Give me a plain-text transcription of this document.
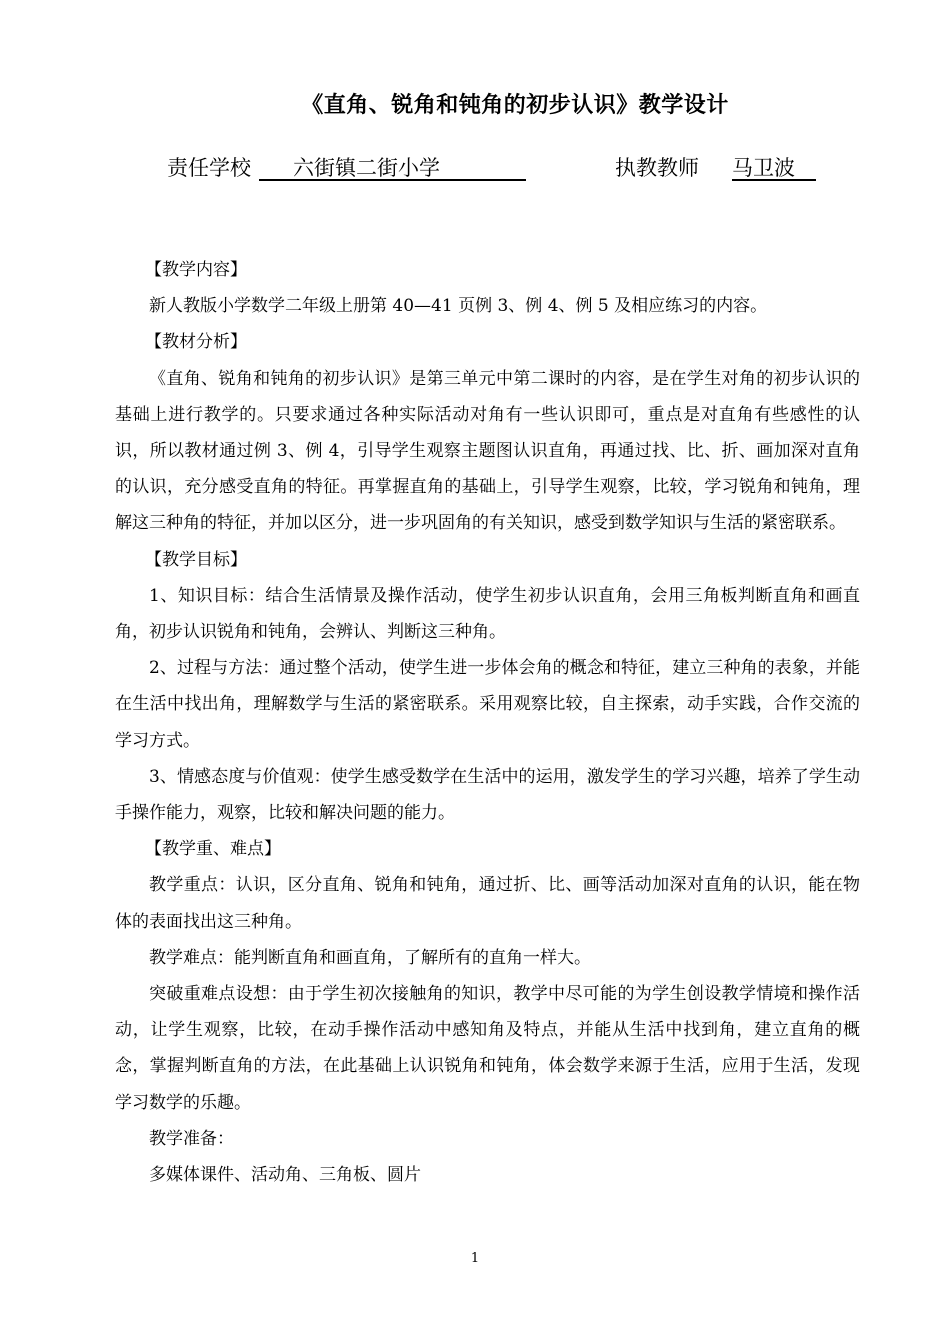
《直角、锐角和钝角的初步认识》教学设计
责任学校	六街镇二街小学	执教教师 马卫波

【教学内容】

新人教版小学数学二年级上册第 40—41 页例 3、例 4、例 5 及相应练习的内容。

【教材分析】

《直角、锐角和钝角的初步认识》是第三单元中第二课时的内容，是在学生对角的初步认识的基础上进行教学的。只要求通过各种实际活动对角有一些认识即可，重点是对直角有些感性的认识，所以教材通过例 3、例 4，引导学生观察主题图认识直角，再通过找、比、折、画加深对直角的认识，充分感受直角的特征。再掌握直角的基础上，引导学生观察，比较，学习锐角和钝角，理解这三种角的特征，并加以区分，进一步巩固角的有关知识，感受到数学知识与生活的紧密联系。

【教学目标】

1、知识目标：结合生活情景及操作活动，使学生初步认识直角，会用三角板判断直角和画直角，初步认识锐角和钝角，会辨认、判断这三种角。

2、过程与方法：通过整个活动，使学生进一步体会角的概念和特征，建立三种角的表象，并能在生活中找出角，理解数学与生活的紧密联系。采用观察比较，自主探索，动手实践，合作交流的学习方式。

3、情感态度与价值观：使学生感受数学在生活中的运用，激发学生的学习兴趣，培养了学生动手操作能力，观察，比较和解决问题的能力。

【教学重、难点】

教学重点：认识，区分直角、锐角和钝角，通过折、比、画等活动加深对直角的认识，能在物体的表面找出这三种角。

教学难点：能判断直角和画直角，了解所有的直角一样大。

突破重难点设想：由于学生初次接触角的知识，教学中尽可能的为学生创设教学情境和操作活动，让学生观察，比较，在动手操作活动中感知角及特点，并能从生活中找到角，建立直角的概念，掌握判断直角的方法，在此基础上认识锐角和钝角，体会数学来源于生活，应用于生活，发现学习数学的乐趣。

教学准备：

多媒体课件、活动角、三角板、圆片

1
